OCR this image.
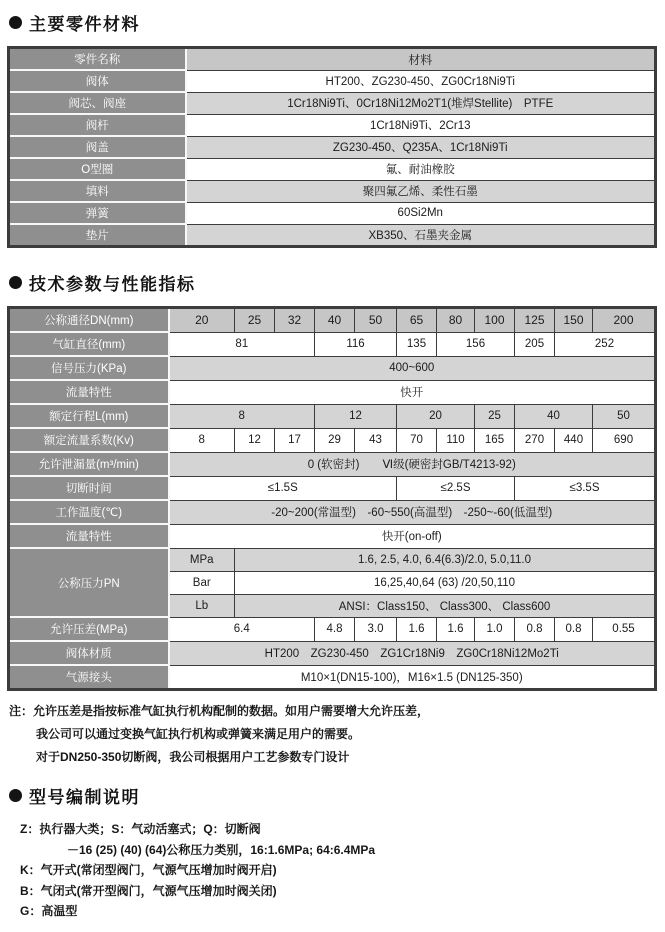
主要零件材料
零件名称	材料
阀体	HT200、ZG230-450、ZG0Cr18Ni9Ti
阀芯、阀座	1Cr18Ni9Ti、0Cr18Ni12Mo2T1(堆焊Stellite)　PTFE
阀杆	1Cr18Ni9Ti、2Cr13
阀盖	ZG230-450、Q235A、1Cr18Ni9Ti
O型圈	氟、耐油橡胶
填料	聚四氟乙烯、柔性石墨
弹簧	60Si2Mn
垫片	XB350、石墨夹金属
技术参数与性能指标
公称通径DN(mm)	20	25	32	40	50	65	80	100	125	150	200
气缸直径(mm)	81			116		135	156		205	252	
信号压力(KPa)	400~600										
流量特性	快开										
额定行程L(mm)	8			12		20		25	40		50
额定流量系数(Kv)	8	12	17	29	43	70	110	165	270	440	690
允许泄漏量(m³/min)	0 (软密封)　　Ⅵ级(硬密封GB/T4213-92)										
切断时间	≤1.5S					≤2.5S			≤3.5S		
工作温度(℃)	-20~200(常温型)　-60~550(高温型)　-250~-60(低温型)										
流量特性	快开(on-off)										
公称压力PN	MPa	1.6, 2.5, 4.0, 6.4(6.3)/2.0, 5.0,11.0									
	Bar	16,25,40,64 (63) /20,50,110									
	Lb	ANSI：Class150、 Class300、 Class600									
允许压差(MPa)	6.4			4.8	3.0	1.6	1.6	1.0	0.8	0.8	0.55
阀体材质	HT200　ZG230-450　ZG1Cr18Ni9　ZG0Cr18Ni12Mo2Ti										
气源接头	M10×1(DN15-100)，M16×1.5 (DN125-350)										
注：允许压差是指按标准气缸执行机构配制的数据。如用户需要增大允许压差，
我公司可以通过变换气缸执行机构或弹簧来满足用户的需要。
对于DN250-350切断阀，我公司根据用户工艺参数专门设计
型号编制说明
Z：执行器大类；S：气动活塞式；Q：切断阀
－16 (25) (40) (64)公称压力类别，16:1.6MPa; 64:6.4MPa
K：气开式(常闭型阀门，气源气压增加时阀开启)
B：气闭式(常开型阀门，气源气压增加时阀关闭)
G：高温型
